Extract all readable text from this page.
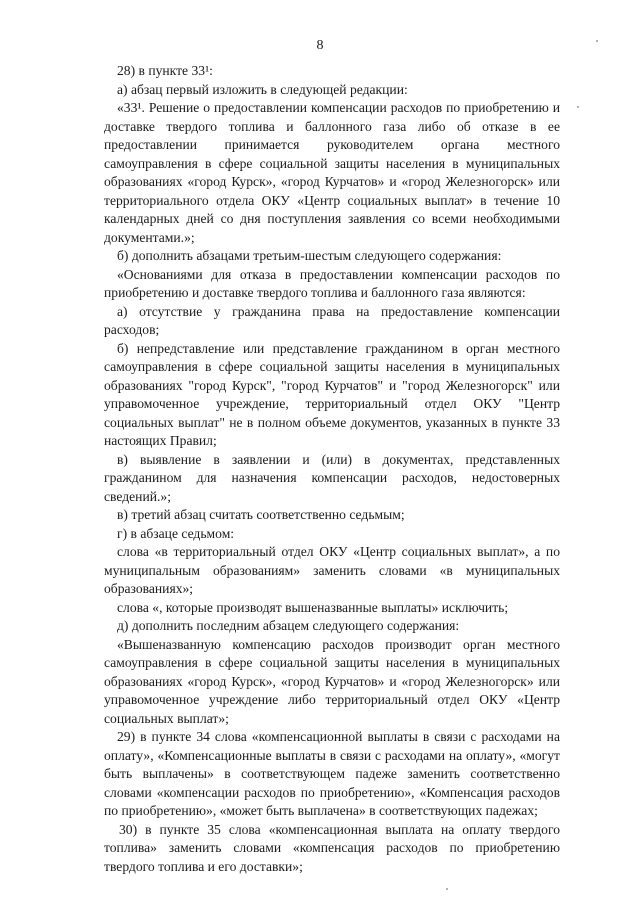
8

28) в пункте 33¹:

а) абзац первый изложить в следующей редакции:

«33¹. Решение о предоставлении компенсации расходов по приобретению и доставке твердого топлива и баллонного газа либо об отказе в ее предоставлении принимается руководителем органа местного самоуправления в сфере социальной защиты населения в муниципальных образованиях «город Курск», «город Курчатов» и «город Железногорск» или территориального отдела ОКУ «Центр социальных выплат» в течение 10 календарных дней со дня поступления заявления со всеми необходимыми документами.»;

б) дополнить абзацами третьим-шестым следующего содержания:

«Основаниями для отказа в предоставлении компенсации расходов по приобретению и доставке твердого топлива и баллонного газа являются:

а) отсутствие у гражданина права на предоставление компенсации расходов;

б) непредставление или представление гражданином в орган местного самоуправления в сфере социальной защиты населения в муниципальных образованиях "город Курск", "город Курчатов" и "город Железногорск" или управомоченное учреждение, территориальный отдел ОКУ "Центр социальных выплат" не в полном объеме документов, указанных в пункте 33 настоящих Правил;

в) выявление в заявлении и (или) в документах, представленных гражданином для назначения компенсации расходов, недостоверных сведений.»;

в) третий абзац считать соответственно седьмым;

г) в абзаце седьмом:

слова «в территориальный отдел ОКУ «Центр социальных выплат», а по муниципальным образованиям» заменить словами «в муниципальных образованиях»;

слова «, которые производят вышеназванные выплаты» исключить;

д) дополнить последним абзацем следующего содержания:

«Вышеназванную компенсацию расходов производит орган местного самоуправления в сфере социальной защиты населения в муниципальных образованиях «город Курск», «город Курчатов» и «город Железногорск» или управомоченное учреждение либо территориальный отдел ОКУ «Центр социальных выплат»;

29) в пункте 34 слова «компенсационной выплаты в связи с расходами на оплату», «Компенсационные выплаты в связи с расходами на оплату», «могут быть выплачены» в соответствующем падеже заменить соответственно словами «компенсации расходов по приобретению», «Компенсация расходов по приобретению», «может быть выплачена» в соответствующих падежах;

30) в пункте 35 слова «компенсационная выплата на оплату твердого топлива» заменить словами «компенсация расходов по приобретению твердого топлива и его доставки»;
